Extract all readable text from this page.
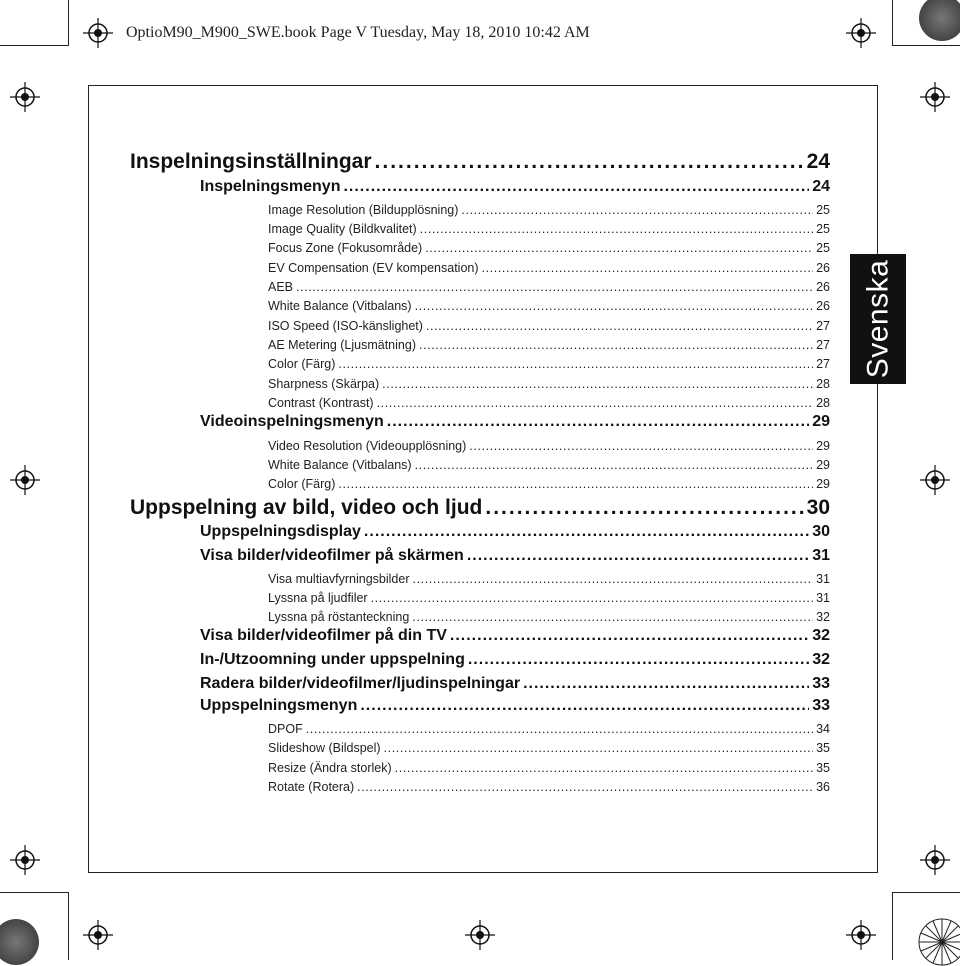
OptioM90_M900_SWE.book Page V Tuesday, May 18, 2010 10:42 AM
Svenska
Inspelningsinställningar .....	24
Inspelningsmenyn .....	24
Image Resolution (Bildupplösning) .....	25
Image Quality (Bildkvalitet) .....	25
Focus Zone (Fokusområde) .....	25
EV Compensation (EV kompensation) .....	26
AEB .....	26
White Balance (Vitbalans) .....	26
ISO Speed (ISO-känslighet) .....	27
AE Metering (Ljusmätning) .....	27
Color (Färg) .....	27
Sharpness (Skärpa) .....	28
Contrast (Kontrast) .....	28
Videoinspelningsmenyn .....	29
Video Resolution (Videoupplösning) .....	29
White Balance (Vitbalans) .....	29
Color (Färg) .....	29
Uppspelning av bild, video och ljud .....	30
Uppspelningsdisplay .....	30
Visa bilder/videofilmer på skärmen .....	31
Visa multiavfyrningsbilder .....	31
Lyssna på ljudfiler .....	31
Lyssna på röstanteckning .....	32
Visa bilder/videofilmer på din TV .....	32
In-/Utzoomning under uppspelning .....	32
Radera bilder/videofilmer/ljudinspelningar .....	33
Uppspelningsmenyn .....	33
DPOF .....	34
Slideshow (Bildspel) .....	35
Resize (Ändra storlek) .....	35
Rotate (Rotera) .....	36
